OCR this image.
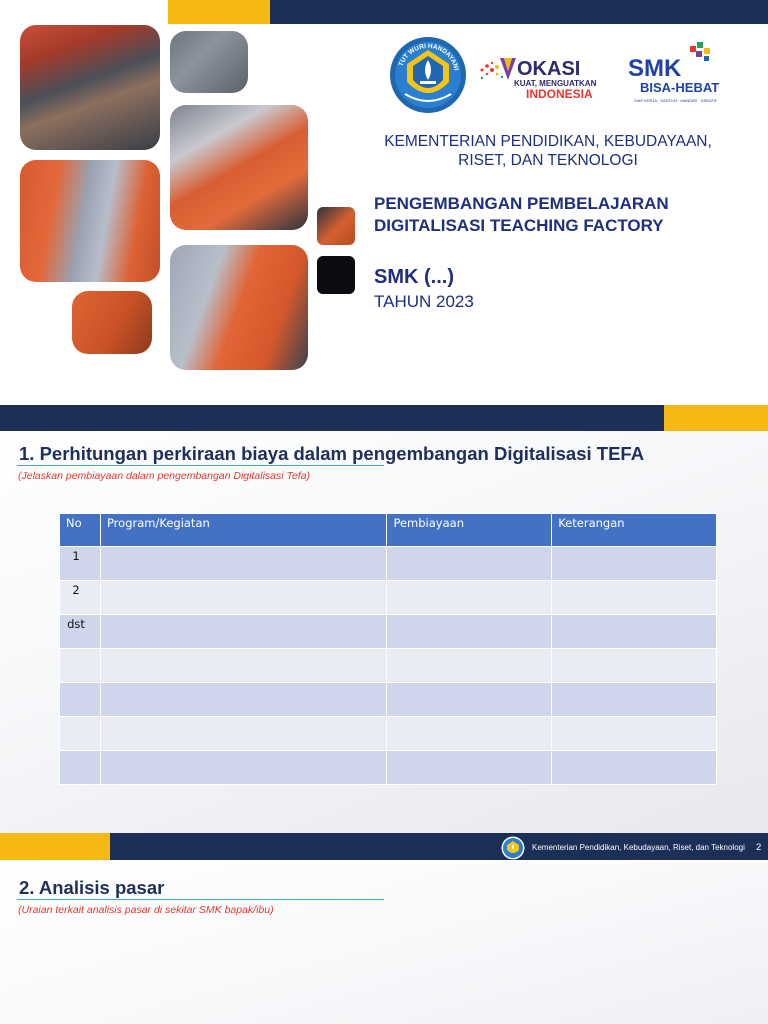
TUT WURI HANDAYANI	OKASI
KUAT, MENGUATKAN
INDONESIA
SMK
BISA-HEBAT
SIAP KERJA · SANTUN · MANDIRI · KREATIF
KEMENTERIAN PENDIDIKAN, KEBUDAYAAN,
RISET, DAN TEKNOLOGI
PENGEMBANGAN PEMBELAJARAN
DIGITALISASI TEACHING FACTORY
SMK (...)
TAHUN 2023
1. Perhitungan perkiraan biaya dalam pengembangan Digitalisasi TEFA
(Jelaskan pembiayaan dalam pengembangan Digitalisasi Tefa)
No	Program/Kegiatan	Pembiayaan	Keterangan
1			
2			
dst			

Kementerian Pendidikan, Kebudayaan, Riset, dan Teknologi 2
2. Analisis pasar
(Uraian terkait analisis pasar di sekitar SMK bapak/ibu)
